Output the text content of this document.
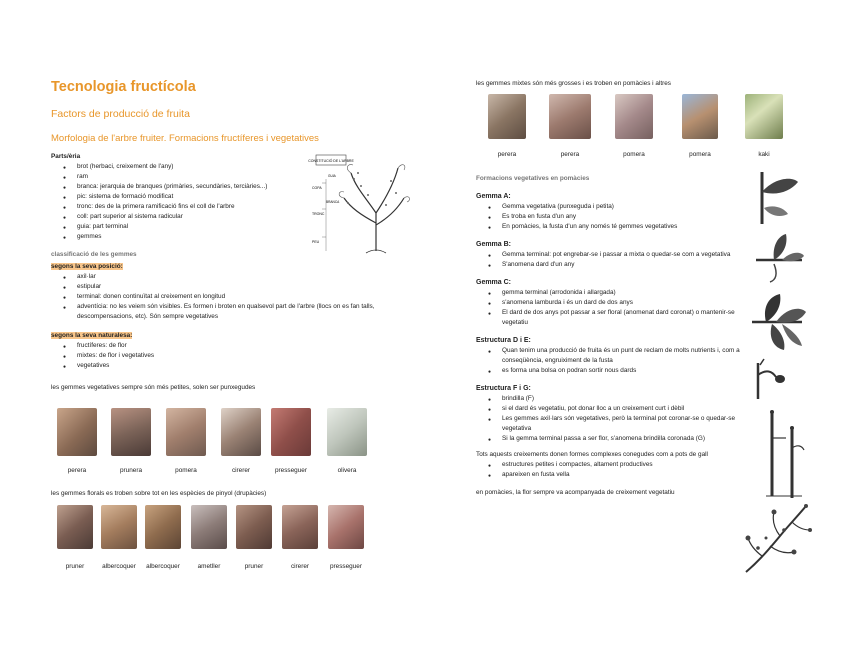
Tecnologia fructícola
Factors de producció de fruita
Morfologia de l'arbre fruiter. Formacions fructíferes i vegetatives
Parts/èria
● brot (herbaci, creixement de l'any)
● ram
● branca: jerarquia de branques (primàries, secundàries, terciàries...)
● pic: sistema de formació modificat
● tronc: des de la primera ramificació fins el coll de l'arbre
● coll: part superior al sistema radicular
● guia: part terminal
● gemmes
classificació de les gemmes
segons la seva posició:
● axil·lar
● estipular
● terminal: donen continuïtat al creixement en longitud
● adventícia: no les veiem són visibles. Es formen i broten en qualsevol part de l'arbre (llocs on es fan talls, descompensacions, etc). Són sempre vegetatives
segons la seva naturalesa:
● fructíferes: de flor
● mixtes: de flor i vegetatives
● vegetatives
les gemmes vegetatives sempre són més petites, solen ser punxegudes
CONSTITUCIÓ DE L'ARBRE
COPA
TRONC
PEU
BRANCA
GUIA
perera	prunera	pomera	cirerer	presseguer	olivera
les gemmes florals es troben sobre tot en les espècies de pinyol (drupàcies)
pruner	albercoquer	albercoquer	ametller	pruner	cirerer	presseguer
les gemmes mixtes són més grosses i es troben en pomàcies i altres
perera	perera	pomera	pomera	kaki
Formacions vegetatives en pomàcies
Gemma A:
● Gemma vegetativa (punxeguda i petita)
● Es troba en fusta d'un any
● En pomàcies, la fusta d'un any només té gemmes vegetatives
Gemma B:
● Gemma terminal: pot engrebar-se i passar a mixta o quedar-se com a vegetativa
● S'anomena dard d'un any
Gemma C:
● gemma terminal (arrodonida i allargada)
● s'anomena lamburda i és un dard de dos anys
● El dard de dos anys pot passar a ser floral (anomenat dard coronat) o mantenir-se vegetatiu
Estructura D i E:
● Quan tenim una producció de fruita és un punt de reclam de molts nutrients i, com a conseqüència, engruiximent de la fusta
● es forma una bolsa on podran sortir nous dards
Estructura F i G:
● brindilla (F)
● si el dard és vegetatiu, pot donar lloc a un creixement curt i dèbil
● Les gemmes axil·lars són vegetatives, però la terminal pot coronar-se o quedar-se vegetativa
● Si la gemma terminal passa a ser flor, s'anomena brindilla coronada (G)
Tots aquests creixements donen formes complexes conegudes com a pots de gall
● estructures petites i compactes, altament productives
● apareixen en fusta vella
en pomàcies, la flor sempre va acompanyada de creixement vegetatiu
